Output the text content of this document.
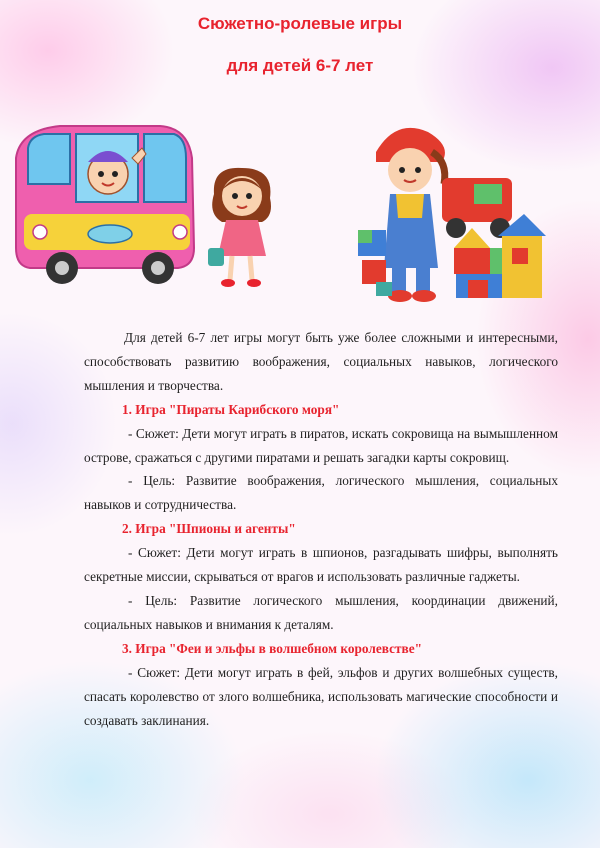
Сюжетно-ролевые игры
для детей 6-7 лет

Для детей 6-7 лет игры могут быть уже более сложными и интересными, способствовать развитию воображения, социальных навыков, логического мышления и творчества.

1. Игра "Пираты Карибского моря"

- Сюжет: Дети могут играть в пиратов, искать сокровища на вымышленном острове, сражаться с другими пиратами и решать загадки карты сокровищ.

- Цель: Развитие воображения, логического мышления, социальных навыков и сотрудничества.

2. Игра "Шпионы и агенты"

- Сюжет: Дети могут играть в шпионов, разгадывать шифры, выполнять секретные миссии, скрываться от врагов и использовать различные гаджеты.

- Цель: Развитие логического мышления, координации движений, социальных навыков и внимания к деталям.

3. Игра "Феи и эльфы в волшебном королевстве"

- Сюжет: Дети могут играть в фей, эльфов и других волшебных существ, спасать королевство от злого волшебника, использовать магические способности и создавать заклинания.
